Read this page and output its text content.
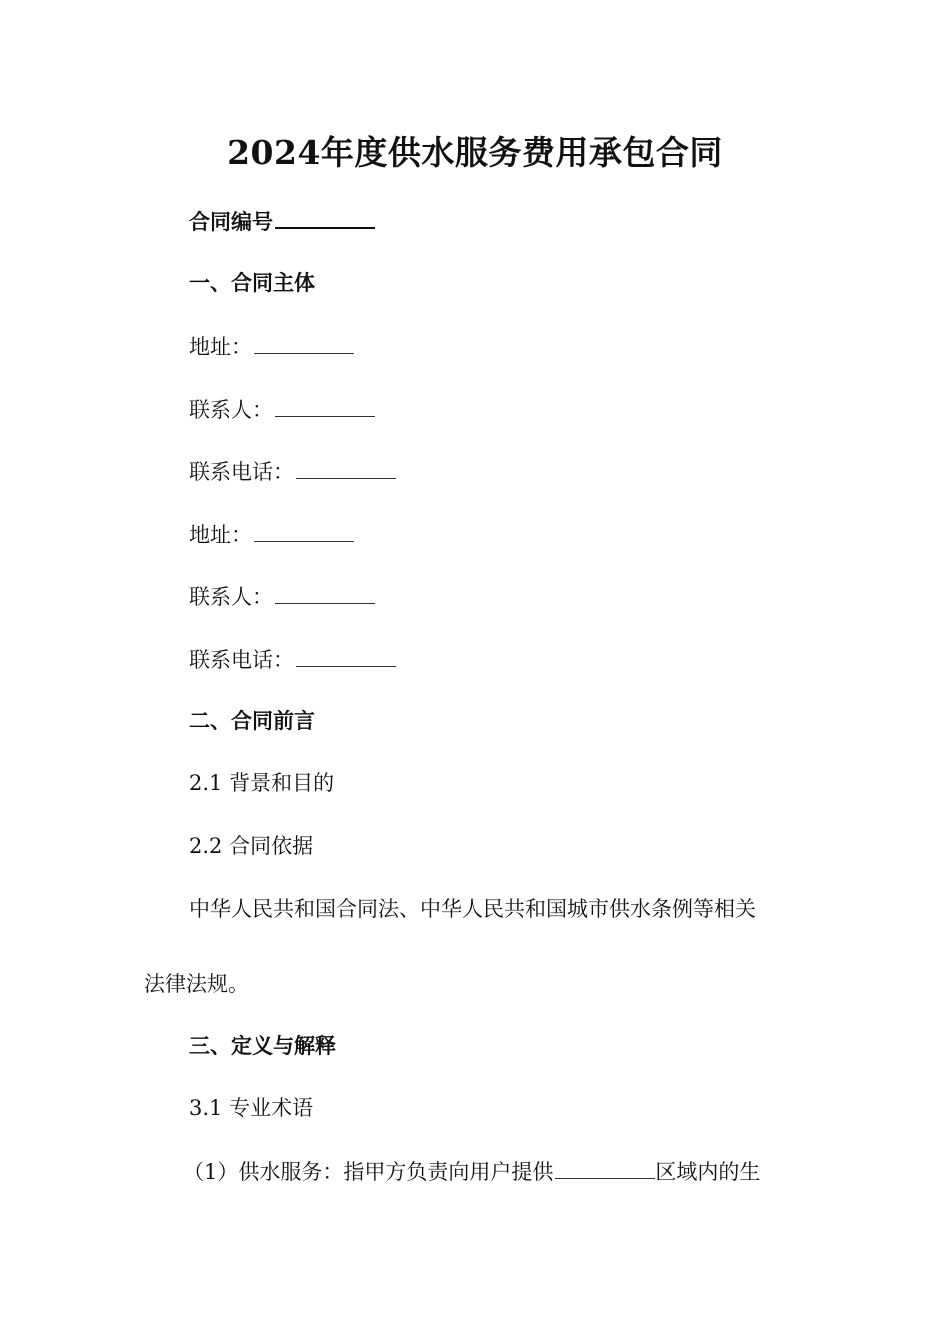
2024年度供水服务费用承包合同
合同编号
一、合同主体
地址：
联系人：
联系电话：
地址：
联系人：
联系电话：
二、合同前言
2.1 背景和目的
2.2 合同依据
中华人民共和国合同法、中华人民共和国城市供水条例等相关
法律法规。
三、定义与解释
3.1 专业术语
（1）供水服务：指甲方负责向用户提供	区域内的生
